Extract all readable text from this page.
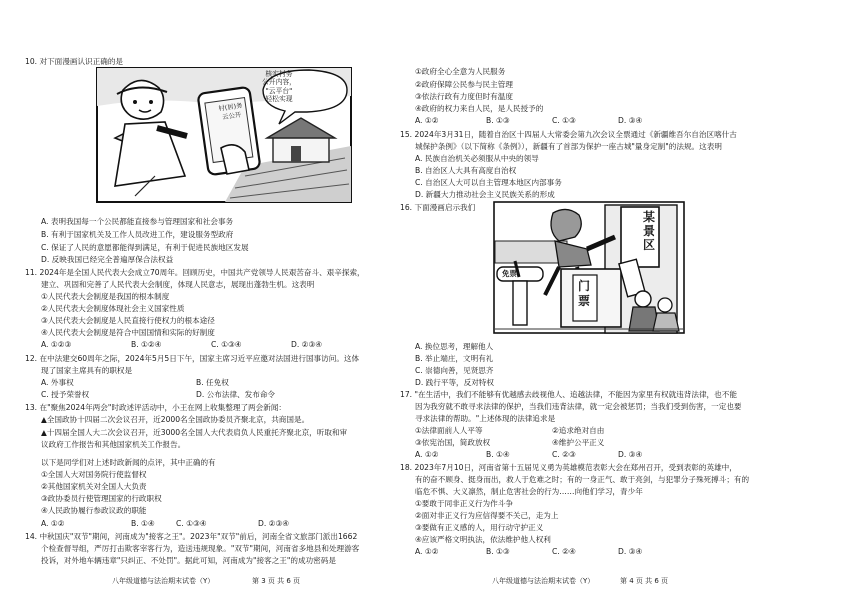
10. 对下面漫画认识正确的是
核实村务
公开内容，
"云平台"
轻松实现
村(居)务
云公开
A. 表明我国每一个公民都能直接参与管理国家和社会事务
B. 有利于国家机关及工作人员改进工作，建设服务型政府
C. 保证了人民的意愿都能得到满足，有利于促进民族地区发展
D. 反映我国已经完全普遍厚保合法权益
11. 2024年是全国人民代表大会成立70周年。回顾历史，中国共产党领导人民艰苦奋斗、艰辛探索，
建立、巩固和完善了人民代表大会制度，体现人民意志，展现出蓬勃生机。这表明
①人民代表大会制度是我国的根本制度
②人民代表大会制度体现社会主义国家性质
③人民代表大会制度是人民直接行使权力的根本途径
④人民代表大会制度是符合中国国情和实际的好制度
A. ①②③	B. ①②④	C. ①③④	D. ②③④
12. 在中法建交60周年之际，2024年5月5日下午，国家主席习近平应邀对法国进行国事访问。这体
现了国家主席具有的职权是
A. 外事权	B. 任免权
C. 授予荣誉权	D. 公布法律、发布命令
13. 在"聚焦2024年两会"时政述评活动中，小王在网上收集整理了两会新闻：
▲全国政协十四届二次会议召开，近2000名全国政协委员齐聚北京，共商国是。
▲十四届全国人大二次会议召开，近3000名全国人大代表肩负人民重托齐聚北京，听取和审
议政府工作报告和其他国家机关工作报告。
以下是同学们对上述时政新闻的点评，其中正确的有
①全国人大对国务院行使监督权
②其他国家机关对全国人大负责
③政协委员行使管理国家的行政职权
④人民政协履行参政议政的职能
A. ①②	B. ①④	C. ①③④	D. ②③④
14. 中秋国庆"双节"期间，河南成为"接客之王"。2023年"双节"前后，河南全省文旅部门派出1662
个检查督导组，严厉打击欺客宰客行为，造送违规现象。"双节"期间，河南省多地县和处理游客
投诉，对外地车辆违章"只纠正、不处罚"。据此可知，河南成为"接客之王"的成功密码是
八年级道德与法治期末试卷（Y）	第 3 页 共 6 页
①政府全心全意为人民服务
②政府保障公民参与民主管理
③依法行政有力度但时有温度
④政府的权力来自人民，是人民授予的
A. ①②	B. ①③	C. ①③	D. ③④
15. 2024年3月31日，随着自治区十四届人大常委会第九次会议全票通过《新疆维吾尔自治区喀什古
城保护条例》（以下简称《条例》），新疆有了首部为保护一座古城"量身定制"的法规。这表明
A. 民族自治机关必须服从中央的领导
B. 自治区人大具有高度自治权
C. 自治区人大可以自主管理本地区内部事务
D. 新疆大力推动社会主义民族关系的形成
16. 下面漫画启示我们
某
景
区
门
票
免票
A. 换位思考，理解他人
B. 举止端庄，文明有礼
C. 崇德向善，见贤思齐
D. 践行平等，反对特权
17. "在生活中，我们不能够有优越感去歧视他人、追越法律，不能因为家里有权就违背法律，也不能
因为我穷就不敢寻求法律的保护，当我们违背法律，就一定会被惩罚；当我们受到伤害，一定也要
寻求法律的帮助。"上述体现的法律追求是
①法律面前人人平等	②追求绝对自由
③依宪治国，简政放权	④维护公平正义
A. ①②	B. ①④	C. ②③	D. ③④
18. 2023年7月10日，河南省第十五届见义勇为英雄模范表彰大会在郑州召开，受到表彰的英雄中，
有的奋不顾身、挺身而出，救人于危难之时；有的一身正气、敢于亮剑，与犯罪分子殊死搏斗；有的
临危不惧、大义凛然，制止危害社会的行为……向他们学习，青少年
①要敢于同非正义行为作斗争
②面对非正义行为应信得要不关己，走为上
③要做有正义感的人，用行动守护正义
④应该严格文明执法，依法维护他人权利
A. ①②	B. ①③	C. ②④	D. ③④
八年级道德与法治期末试卷（Y）	第 4 页 共 6 页
